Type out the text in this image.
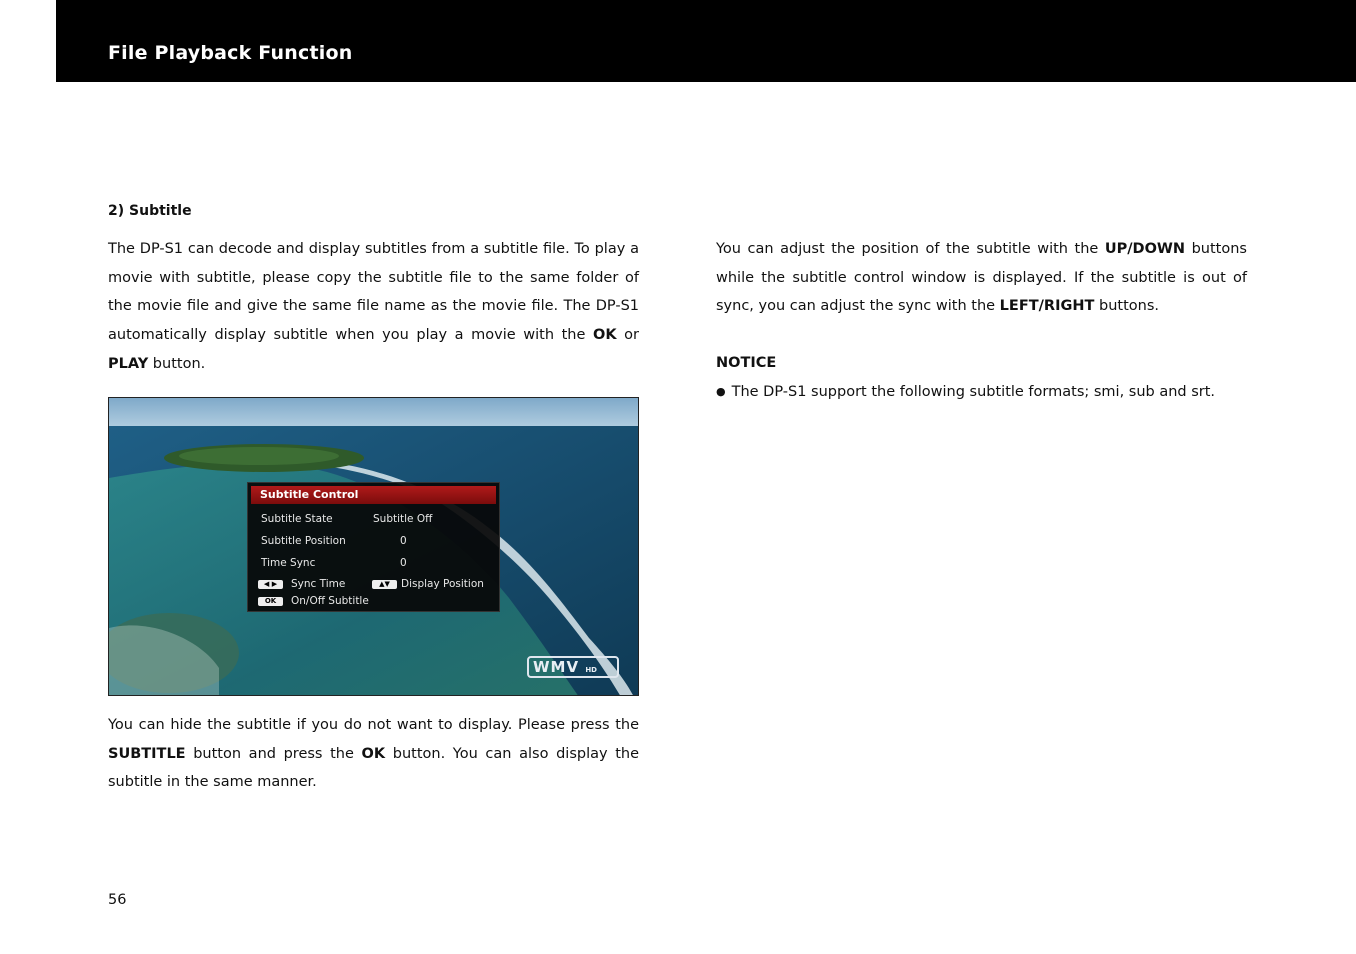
File Playback Function
2) Subtitle

The DP-S1 can decode and display subtitles from a subtitle file. To play a movie with subtitle, please copy the subtitle file to the same folder of the movie file and give the same file name as the movie file. The DP-S1 automatically display subtitle when you play a movie with the OK or PLAY button.

Subtitle Control
Subtitle State	Subtitle Off
Subtitle Position	0
Time Sync	0
◀ ▶	Sync Time	▲▼	Display Position
OK	On/Off Subtitle
WMV HD

You can hide the subtitle if you do not want to display. Please press the SUBTITLE button and press the OK button. You can also display the subtitle in the same manner.

You can adjust the position of the subtitle with the UP/DOWN buttons while the subtitle control window is displayed. If the subtitle is out of sync, you can adjust the sync with the LEFT/RIGHT buttons.

NOTICE
● The DP-S1 support the following subtitle formats; smi, sub and srt.
56
